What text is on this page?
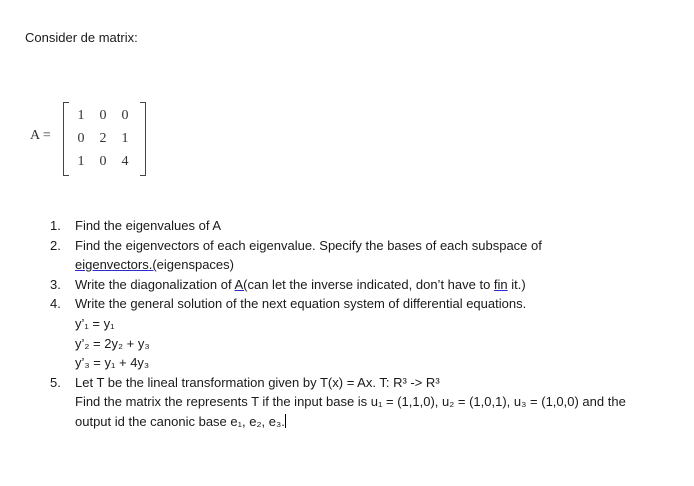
Consider de matrix:
A =
1 0 0
0 2 1
1 0 4
1. Find the eigenvalues of A
2. Find the eigenvectors of each eigenvalue. Specify the bases of each subspace of
eigenvectors.(eigenspaces)
3. Write the diagonalization of A(can let the inverse indicated, don’t have to fin it.)
4. Write the general solution of the next equation system of differential equations.
y’₁ = y₁
y’₂ = 2y₂ + y₃
y’₃ = y₁ + 4y₃
5. Let T be the lineal transformation given by T(x) = Ax. T: R³ -> R³
Find the matrix the represents T if the input base is u₁ = (1,1,0), u₂ = (1,0,1), u₃ = (1,0,0) and the
output id the canonic base e₁, e₂, e₃.
